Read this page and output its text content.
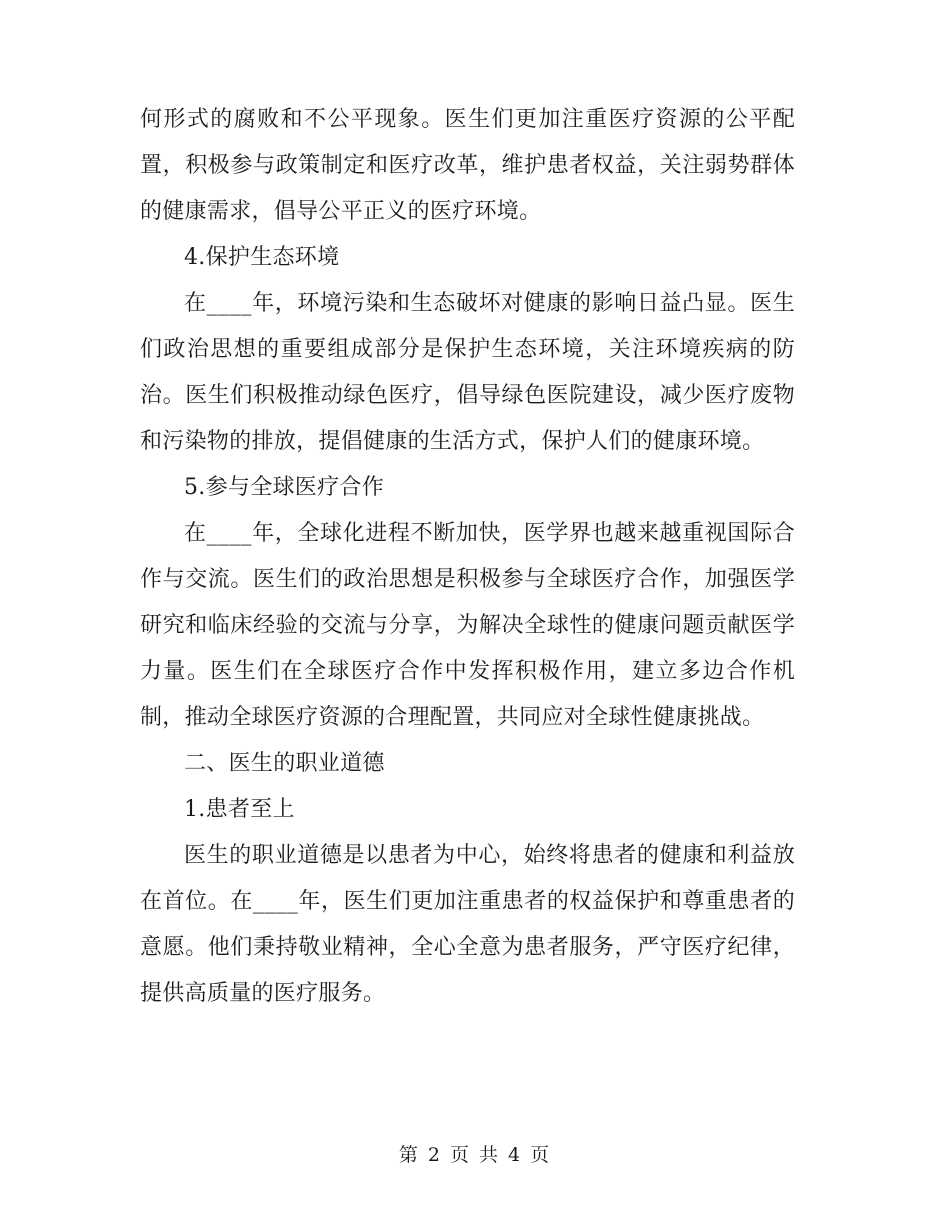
何形式的腐败和不公平现象。医生们更加注重医疗资源的公平配置，积极参与政策制定和医疗改革，维护患者权益，关注弱势群体的健康需求，倡导公平正义的医疗环境。

4.保护生态环境

在____年，环境污染和生态破坏对健康的影响日益凸显。医生们政治思想的重要组成部分是保护生态环境，关注环境疾病的防治。医生们积极推动绿色医疗，倡导绿色医院建设，减少医疗废物和污染物的排放，提倡健康的生活方式，保护人们的健康环境。

5.参与全球医疗合作

在____年，全球化进程不断加快，医学界也越来越重视国际合作与交流。医生们的政治思想是积极参与全球医疗合作，加强医学研究和临床经验的交流与分享，为解决全球性的健康问题贡献医学力量。医生们在全球医疗合作中发挥积极作用，建立多边合作机制，推动全球医疗资源的合理配置，共同应对全球性健康挑战。

二、医生的职业道德

1.患者至上

医生的职业道德是以患者为中心，始终将患者的健康和利益放在首位。在____年，医生们更加注重患者的权益保护和尊重患者的意愿。他们秉持敬业精神，全心全意为患者服务，严守医疗纪律，提供高质量的医疗服务。

第 2 页 共 4 页
